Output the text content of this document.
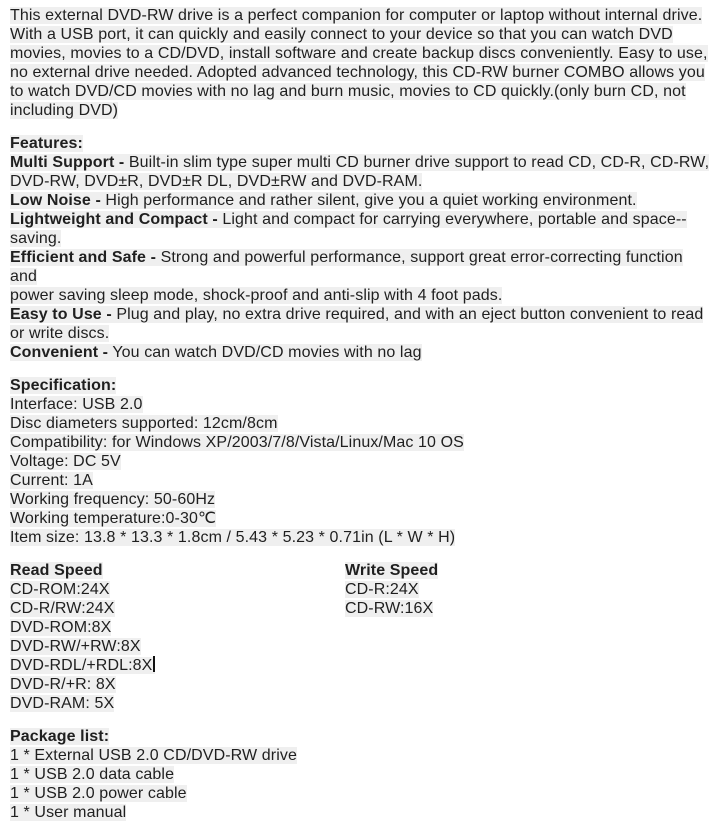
This external DVD-RW drive is a perfect companion for computer or laptop without internal drive.
With a USB port, it can quickly and easily connect to your device so that you can watch DVD
movies, movies to a CD/DVD, install software and create backup discs conveniently. Easy to use,
no external drive needed. Adopted advanced technology, this CD-RW burner COMBO allows you
to watch DVD/CD movies with no lag and burn music, movies to CD quickly.(only burn CD, not
including DVD)
Features:
Multi Support - Built-in slim type super multi CD burner drive support to read CD, CD-R, CD-RW,
DVD-RW, DVD±R, DVD±R DL, DVD±RW and DVD-RAM.
Low Noise - High performance and rather silent, give you a quiet working environment.
Lightweight and Compact - Light and compact for carrying everywhere, portable and space--
saving.
Efficient and Safe - Strong and powerful performance, support great error-correcting function and
power saving sleep mode, shock-proof and anti-slip with 4 foot pads.
Easy to Use - Plug and play, no extra drive required, and with an eject button convenient to read
or write discs.
Convenient - You can watch DVD/CD movies with no lag
Specification:
Interface: USB 2.0
Disc diameters supported: 12cm/8cm
Compatibility: for Windows XP/2003/7/8/Vista/Linux/Mac 10 OS
Voltage: DC 5V
Current: 1A
Working frequency: 50-60Hz
Working temperature:0-30℃
Item size: 13.8 * 13.3 * 1.8cm / 5.43 * 5.23 * 0.71in (L * W * H)
Read Speed
CD-ROM:24X
CD-R/RW:24X
DVD-ROM:8X
DVD-RW/+RW:8X
DVD-RDL/+RDL:8X
DVD-R/+R: 8X
DVD-RAM: 5X
Write Speed
CD-R:24X
CD-RW:16X
Package list:
1 * External USB 2.0 CD/DVD-RW drive
1 * USB 2.0 data cable
1 * USB 2.0 power cable
1 * User manual
